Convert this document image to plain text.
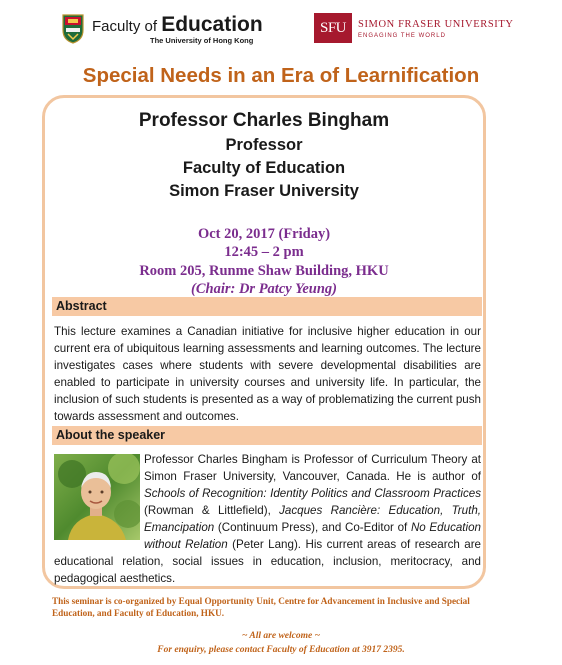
Faculty of Education
The University of Hong Kong
SFU	SIMON FRASER UNIVERSITY
ENGAGING THE WORLD
Special Needs in an Era of Learnification
Professor Charles Bingham
Professor
Faculty of Education
Simon Fraser University
Oct 20, 2017 (Friday)
12:45 – 2 pm
Room 205, Runme Shaw Building, HKU
(Chair: Dr Patcy Yeung)
Abstract
This lecture examines a Canadian initiative for inclusive higher education in our current era of ubiquitous learning assessments and learning outcomes. The lecture investigates cases where students with severe developmental disabilities are enabled to participate in university courses and university life. In particular, the inclusion of such students is presented as a way of problematizing the current push towards assessment and outcomes.
About the speaker
Professor Charles Bingham is Professor of Curriculum Theory at Simon Fraser University, Vancouver, Canada. He is author of Schools of Recognition: Identity Politics and Classroom Practices (Rowman & Littlefield), Jacques Rancière: Education, Truth, Emancipation (Continuum Press), and Co-Editor of No Education without Relation (Peter Lang). His current areas of research are educational relation, social issues in education, inclusion, meritocracy, and pedagogical aesthetics.
This seminar is co-organized by Equal Opportunity Unit, Centre for Advancement in Inclusive and Special Education, and Faculty of Education, HKU.
~ All are welcome ~
For enquiry, please contact Faculty of Education at 3917 2395.
